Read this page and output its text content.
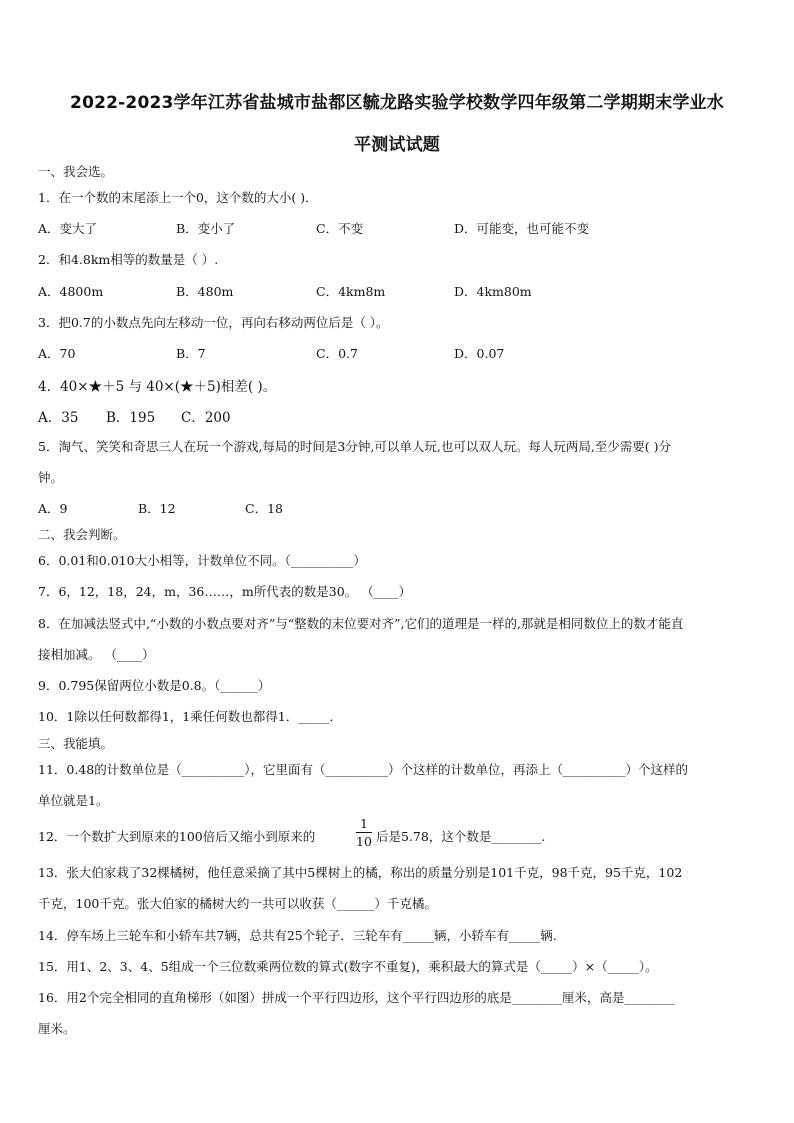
2022-2023学年江苏省盐城市盐都区毓龙路实验学校数学四年级第二学期期末学业水
平测试试题
一、我会选。
1．在一个数的末尾添上一个0，这个数的大小( )．
A．变大了	B．变小了	C．不变	D．可能变，也可能不变
2．和4.8km相等的数量是（ ）.
A．4800m	B．480m	C．4km8m	D．4km80m
3．把0.7的小数点先向左移动一位，再向右移动两位后是（ ）。
A．70	B．7	C．0.7	D．0.07
4．40×★＋5 与 40×(★＋5)相差( )。
A．35 B．195 C．200
5．淘气、笑笑和奇思三人在玩一个游戏,每局的时间是3分钟,可以单人玩,也可以双人玩。每人玩两局,至少需要( )分
钟。
A．9	B．12	C．18
二、我会判断。
6．0.01和0.010大小相等，计数单位不同。（__________）
7．6，12，18，24，m，36……，m所代表的数是30。 （____）
8．在加减法竖式中,“小数的小数点要对齐”与“整数的末位要对齐”,它们的道理是一样的,那就是相同数位上的数才能直
接相加减。 （____）
9．0.795保留两位小数是0.8。（______）
10．1除以任何数都得1，1乘任何数也都得1．_____．
三、我能填。
11．0.48的计数单位是（__________），它里面有（__________）个这样的计数单位，再添上（__________）个这样的
单位就是1。
12．一个数扩大到原来的100倍后又缩小到原来的
1
10 后是5.78，这个数是________.
13．张大伯家栽了32棵橘树，他任意采摘了其中5棵树上的橘，称出的质量分别是101千克，98千克，95千克，102
千克，100千克。张大伯家的橘树大约一共可以收获（______）千克橘。
14．停车场上三轮车和小轿车共7辆，总共有25个轮子．三轮车有_____辆，小轿车有_____辆.
15．用1、2、3、4、5组成一个三位数乘两位数的算式(数字不重复)，乘积最大的算式是（_____）×（_____）。
16．用2个完全相同的直角梯形（如图）拼成一个平行四边形，这个平行四边形的底是________厘米，高是________
厘米。
